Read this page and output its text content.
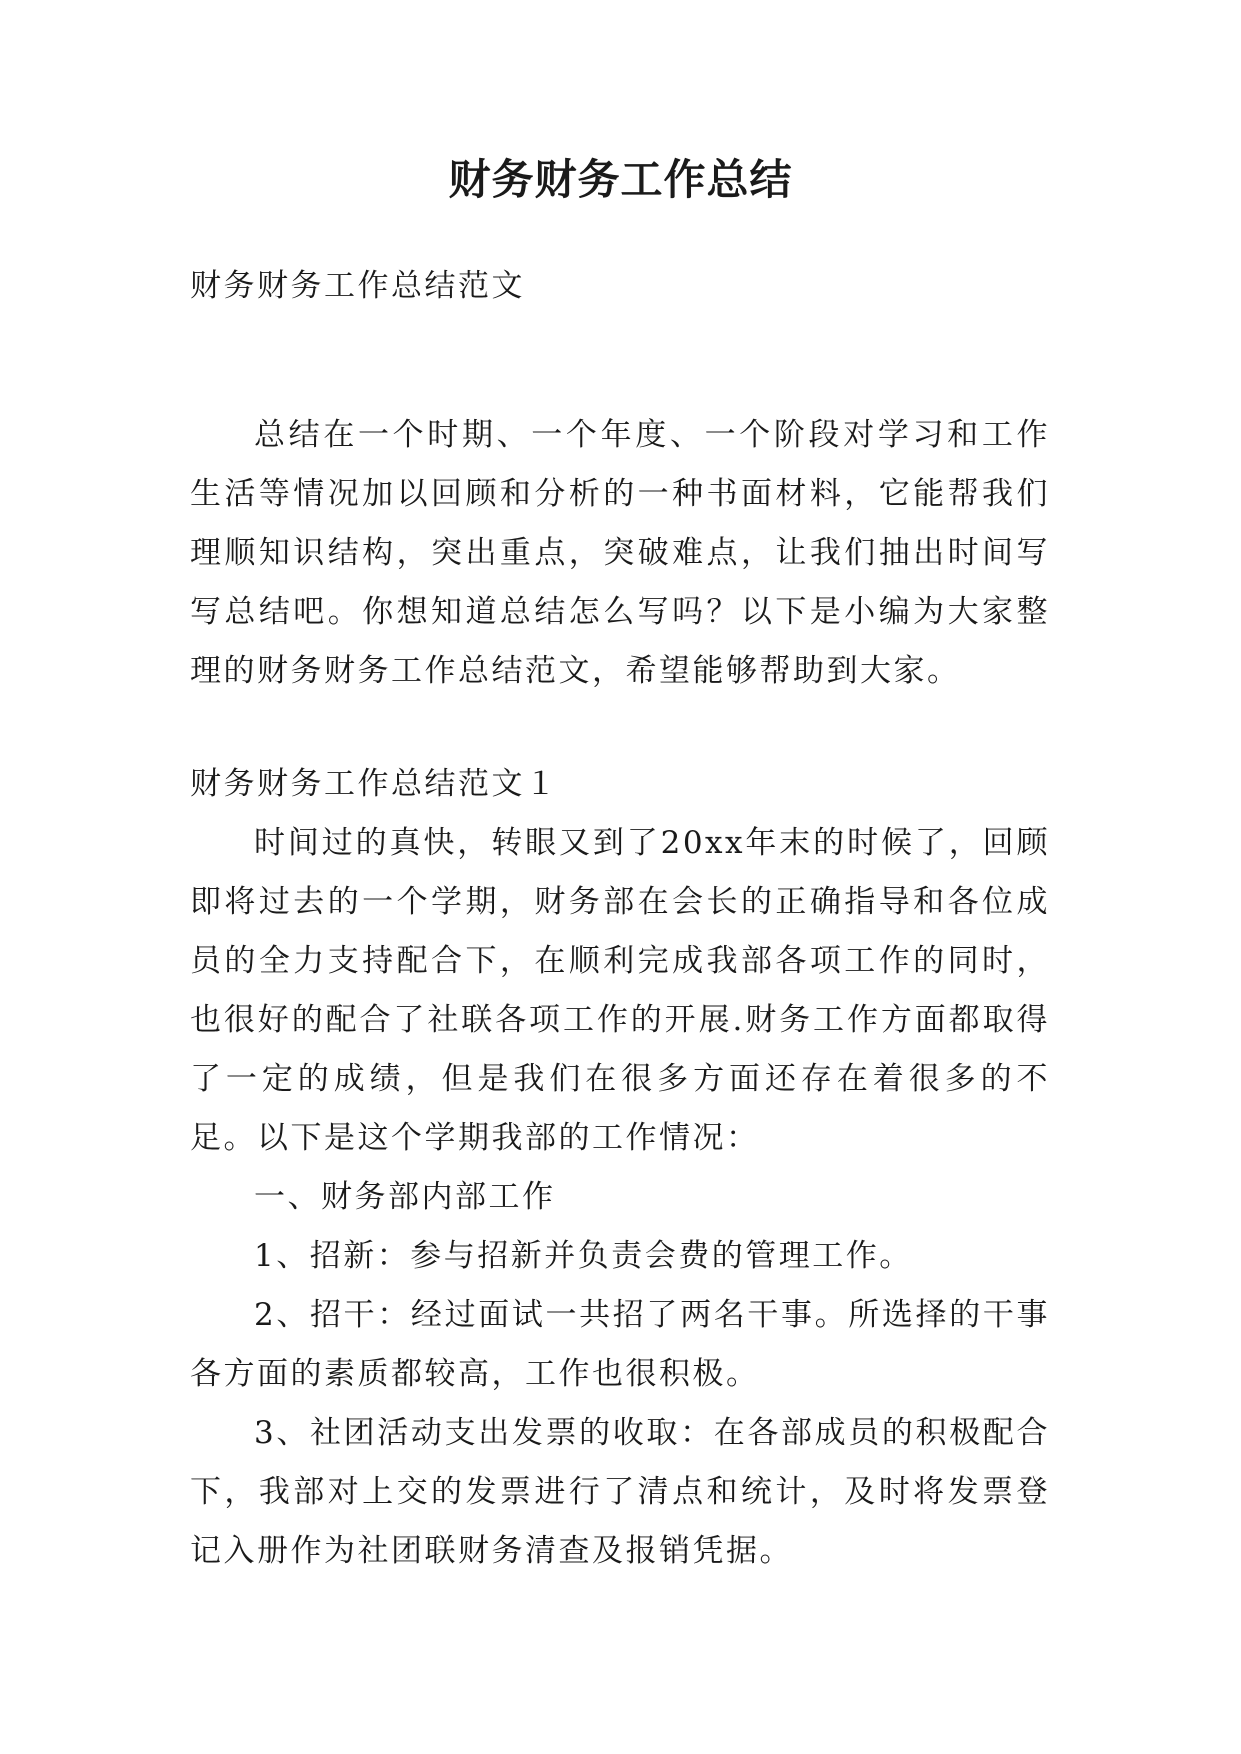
财务财务工作总结
财务财务工作总结范文

总结在一个时期、一个年度、一个阶段对学习和工作生活等情况加以回顾和分析的一种书面材料，它能帮我们理顺知识结构，突出重点，突破难点，让我们抽出时间写写总结吧。你想知道总结怎么写吗？以下是小编为大家整理的财务财务工作总结范文，希望能够帮助到大家。

财务财务工作总结范文１

时间过的真快，转眼又到了20xx年末的时候了，回顾即将过去的一个学期，财务部在会长的正确指导和各位成员的全力支持配合下，在顺利完成我部各项工作的同时，也很好的配合了社联各项工作的开展.财务工作方面都取得了一定的成绩，但是我们在很多方面还存在着很多的不足。以下是这个学期我部的工作情况：

一、财务部内部工作

1、招新：参与招新并负责会费的管理工作。

2、招干：经过面试一共招了两名干事。所选择的干事各方面的素质都较高，工作也很积极。

3、社团活动支出发票的收取：在各部成员的积极配合下，我部对上交的发票进行了清点和统计，及时将发票登记入册作为社团联财务清查及报销凭据。
